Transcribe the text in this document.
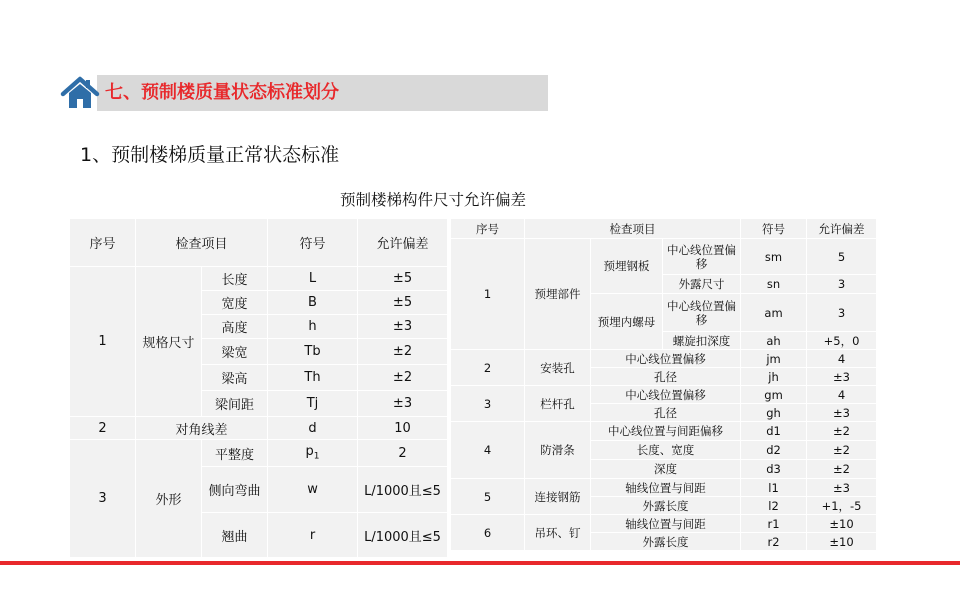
七、预制楼质量状态标准划分
1、预制楼梯质量正常状态标准
预制楼梯构件尺寸允许偏差
序号	检查项目		符号	允许偏差
1	规格尺寸	长度	L	±5
		宽度	B	±5
		高度	h	±3
		梁宽	Tb	±2
		梁高	Th	±2
		梁间距	Tj	±3
2	对角线差		d	10
3	外形	平整度	$p_1$	2
		侧向弯曲	w	L/1000且≤5
		翘曲	r	L/1000且≤5
序号	检查项目			符号	允许偏差
1	预埋部件	预埋钢板	中心线位置偏移	sm	5
			外露尺寸	sn	3
		预埋内螺母	中心线位置偏移	am	3
			螺旋扣深度	ah	+5，0
2	安装孔	中心线位置偏移		jm	4
		孔径		jh	±3
3	栏杆孔	中心线位置偏移		gm	4
		孔径		gh	±3
4	防滑条	中心线位置与间距偏移		d1	±2
		长度、宽度		d2	±2
		深度		d3	±2
5	连接钢筋	轴线位置与间距		l1	±3
		外露长度		l2	+1，-5
6	吊环、钉	轴线位置与间距		r1	±10
		外露长度		r2	±10
